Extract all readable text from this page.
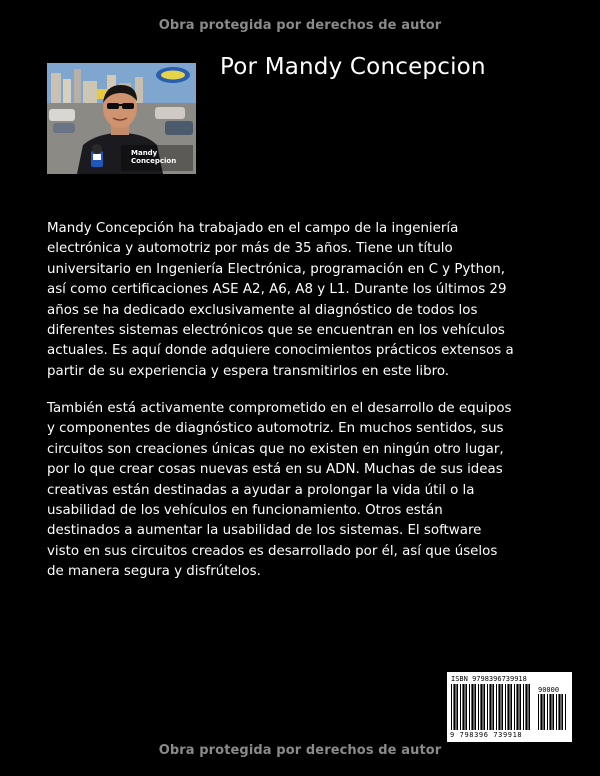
Obra protegida por derechos de autor
Mandy Concepcion
Por Mandy Concepcion

Mandy Concepción ha trabajado en el campo de la ingeniería electrónica y automotriz por más de 35 años. Tiene un título universitario en Ingeniería Electrónica, programación en C y Python, así como certificaciones ASE A2, A6, A8 y L1. Durante los últimos 29 años se ha dedicado exclusivamente al diagnóstico de todos los diferentes sistemas electrónicos que se encuentran en los vehículos actuales. Es aquí donde adquiere conocimientos prácticos extensos a partir de su experiencia y espera transmitirlos en este libro.

También está activamente comprometido en el desarrollo de equipos y componentes de diagnóstico automotriz. En muchos sentidos, sus circuitos son creaciones únicas que no existen en ningún otro lugar, por lo que crear cosas nuevas está en su ADN. Muchas de sus ideas creativas están destinadas a ayudar a prolongar la vida útil o la usabilidad de los vehículos en funcionamiento. Otros están destinados a aumentar la usabilidad de los sistemas. El software visto en sus circuitos creados es desarrollado por él, así que úselos de manera segura y disfrútelos.

ISBN 9798396739918
90000
9 798396 739918
Obra protegida por derechos de autor
